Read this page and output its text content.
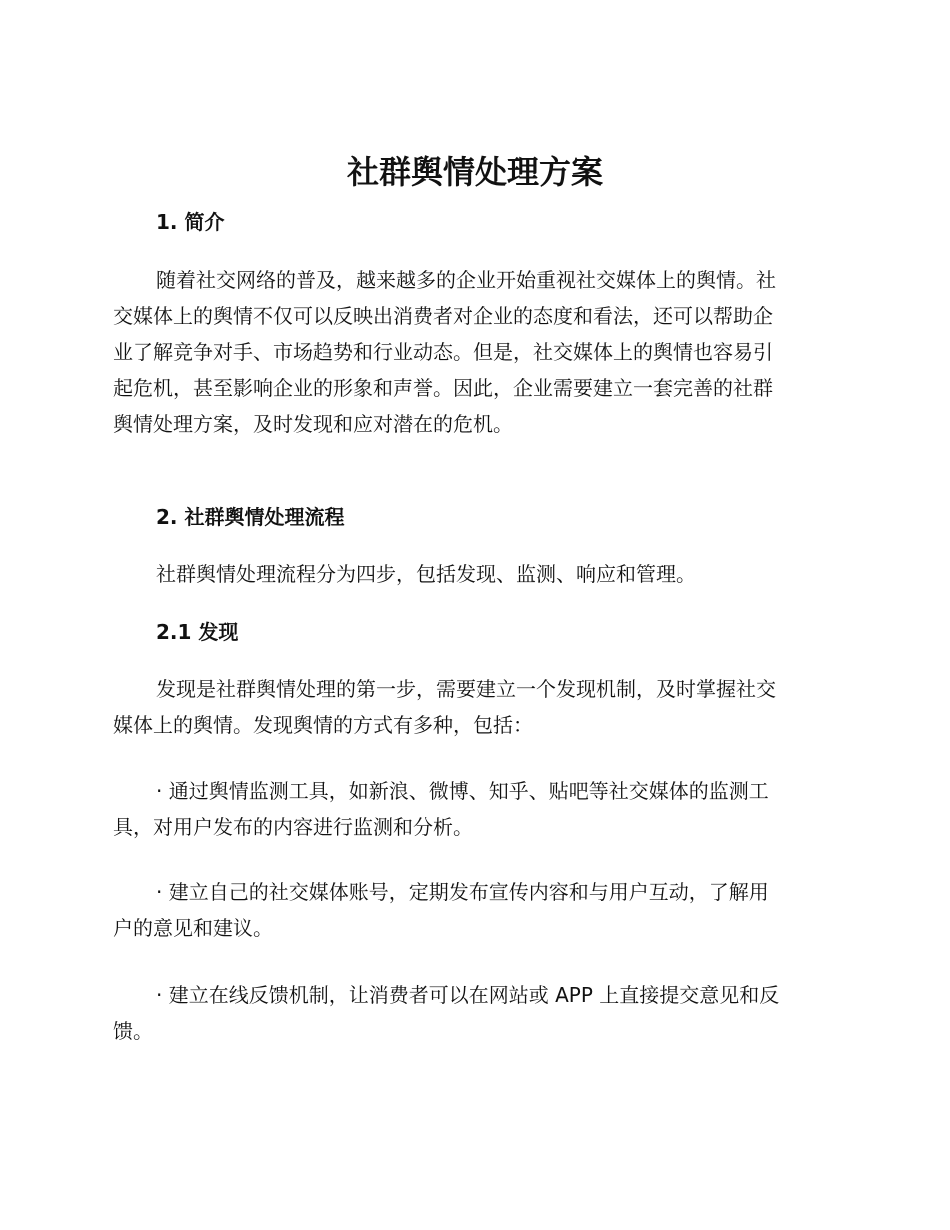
社群舆情处理方案
1. 简介
随着社交网络的普及，越来越多的企业开始重视社交媒体上的舆情。社
交媒体上的舆情不仅可以反映出消费者对企业的态度和看法，还可以帮助企
业了解竞争对手、市场趋势和行业动态。但是，社交媒体上的舆情也容易引
起危机，甚至影响企业的形象和声誉。因此，企业需要建立一套完善的社群
舆情处理方案，及时发现和应对潜在的危机。
2. 社群舆情处理流程
社群舆情处理流程分为四步，包括发现、监测、响应和管理。
2.1 发现
发现是社群舆情处理的第一步，需要建立一个发现机制，及时掌握社交
媒体上的舆情。发现舆情的方式有多种，包括：
· 通过舆情监测工具，如新浪、微博、知乎、贴吧等社交媒体的监测工
具，对用户发布的内容进行监测和分析。
· 建立自己的社交媒体账号，定期发布宣传内容和与用户互动，了解用
户的意见和建议。
· 建立在线反馈机制，让消费者可以在网站或 APP 上直接提交意见和反
馈。
